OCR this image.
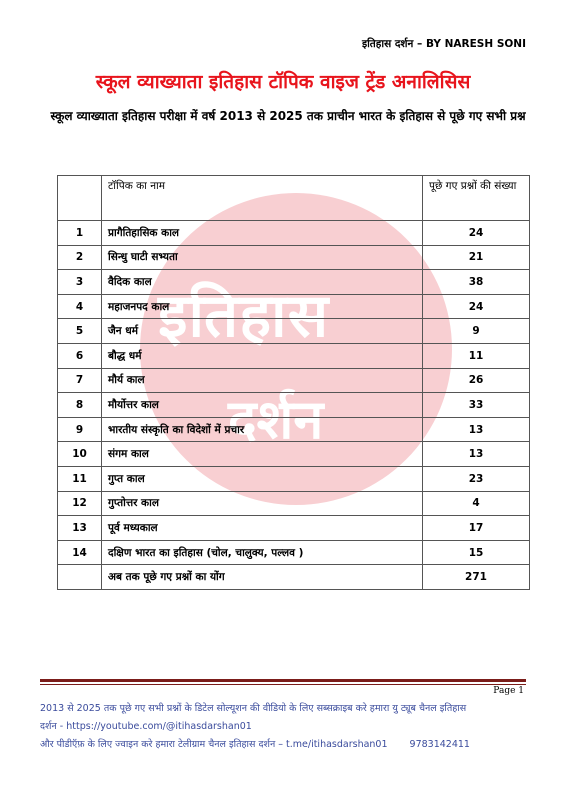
इतिहास दर्शन – BY NARESH SONI
स्कूल व्याख्याता इतिहास टॉपिक वाइज ट्रेंड अनालिसिस
स्कूल व्याख्याता इतिहास परीक्षा में वर्ष 2013 से 2025 तक प्राचीन भारत के इतिहास से पूछे गए सभी प्रश्न
इतिहास
दर्शन
	टॉपिक का नाम	पूछे गए प्रश्नों की संख्या
1	प्रागैतिहासिक काल	24
2	सिन्धु घाटी सभ्यता	21
3	वैदिक काल	38
4	महाजनपद काल	24
5	जैन धर्म	9
6	बौद्ध धर्म	11
7	मौर्य काल	26
8	मौर्योत्तर काल	33
9	भारतीय संस्कृति का विदेशों में प्रचार	13
10	संगम काल	13
11	गुप्त काल	23
12	गुप्तोत्तर काल	4
13	पूर्व मध्यकाल	17
14	दक्षिण भारत का इतिहास (चोल, चालुक्य, पल्लव )	15
	अब तक पूछे गए प्रश्नों का योंग	271
Page 1

2013 से 2025 तक पूछे गए सभी प्रश्नों के डिटेल सोल्यूशन की वीडियो के लिए सब्सक्राइब करे हमारा यु ट्यूब चैनल इतिहास

दर्शन - https://youtube.com/@itihasdarshan01

और पीडीऍफ़ के लिए ज्वाइन करे हमारा टेलीग्राम चैनल इतिहास दर्शन – t.me/itihasdarshan01 9783142411
